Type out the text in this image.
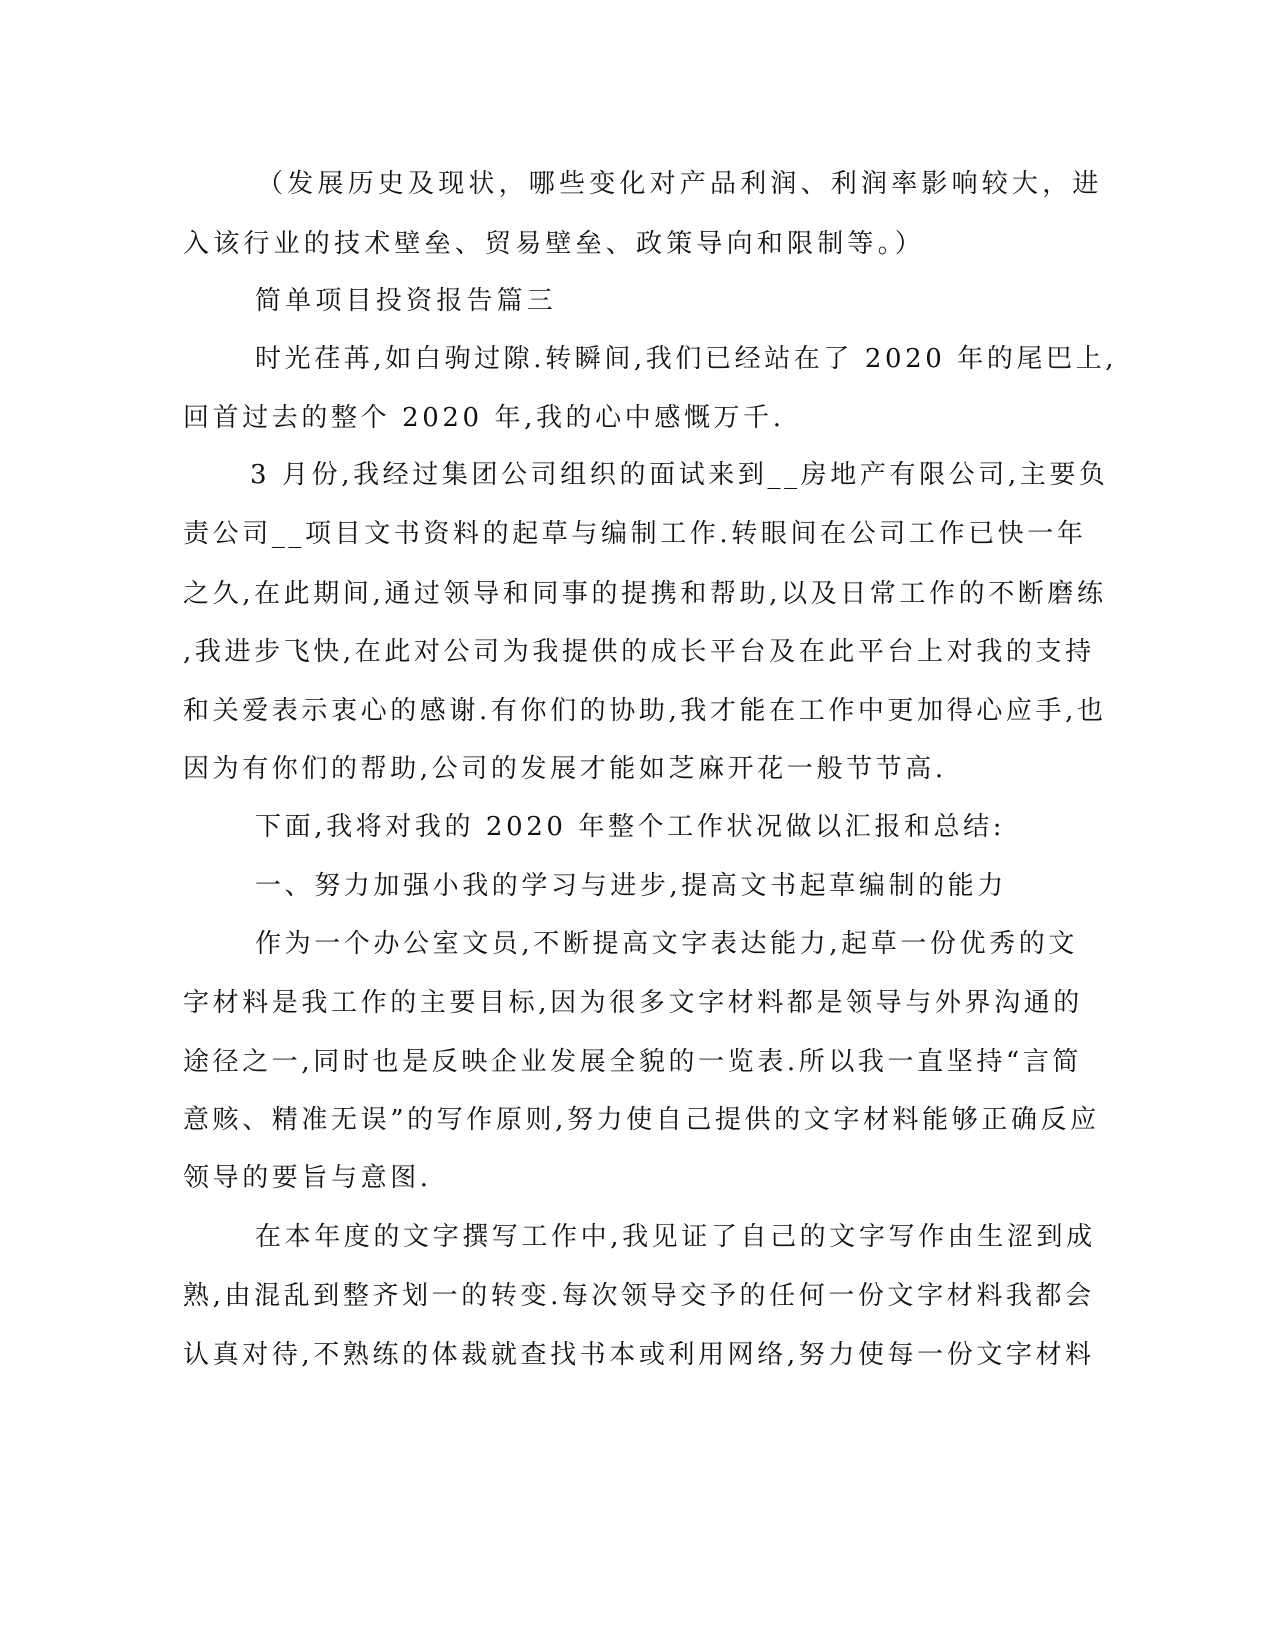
（发展历史及现状，哪些变化对产品利润、利润率影响较大，进
入该行业的技术壁垒、贸易壁垒、政策导向和限制等。）
简单项目投资报告篇三
时光荏苒,如白驹过隙.转瞬间,我们已经站在了 2020 年的尾巴上,
回首过去的整个 2020 年,我的心中感慨万千.
3 月份,我经过集团公司组织的面试来到__房地产有限公司,主要负
责公司__项目文书资料的起草与编制工作.转眼间在公司工作已快一年
之久,在此期间,通过领导和同事的提携和帮助,以及日常工作的不断磨练
,我进步飞快,在此对公司为我提供的成长平台及在此平台上对我的支持
和关爱表示衷心的感谢.有你们的协助,我才能在工作中更加得心应手,也
因为有你们的帮助,公司的发展才能如芝麻开花一般节节高.
下面,我将对我的 2020 年整个工作状况做以汇报和总结:
一、努力加强小我的学习与进步,提高文书起草编制的能力
作为一个办公室文员,不断提高文字表达能力,起草一份优秀的文
字材料是我工作的主要目标,因为很多文字材料都是领导与外界沟通的
途径之一,同时也是反映企业发展全貌的一览表.所以我一直坚持“言简
意赅、精准无误”的写作原则,努力使自己提供的文字材料能够正确反应
领导的要旨与意图.
在本年度的文字撰写工作中,我见证了自己的文字写作由生涩到成
熟,由混乱到整齐划一的转变.每次领导交予的任何一份文字材料我都会
认真对待,不熟练的体裁就查找书本或利用网络,努力使每一份文字材料
